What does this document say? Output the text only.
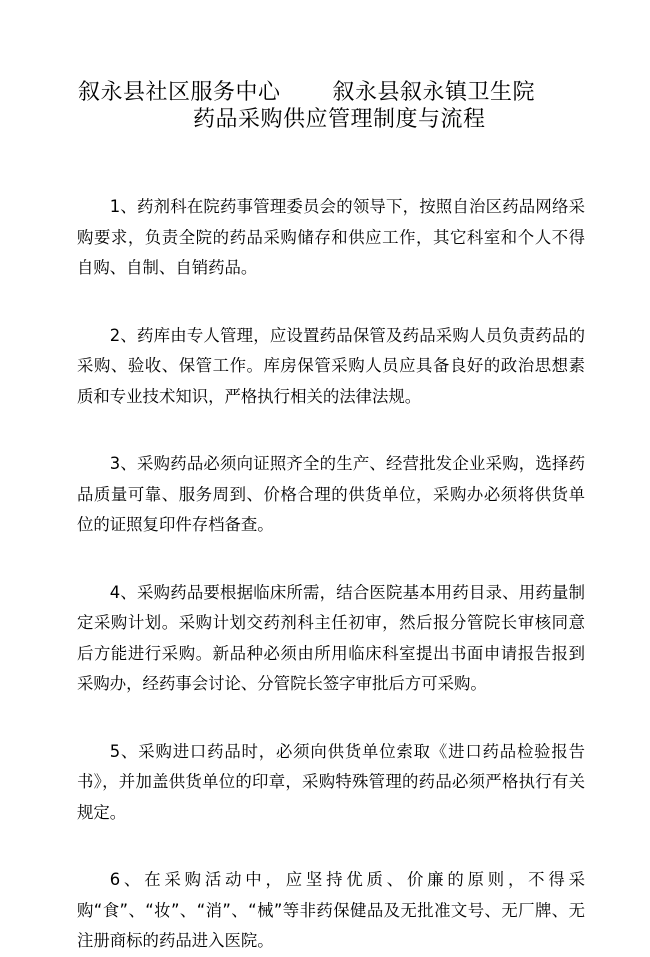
叙永县社区服务中心 叙永县叙永镇卫生院
药品采购供应管理制度与流程

1、药剂科在院药事管理委员会的领导下，按照自治区药品网络采购要求，负责全院的药品采购储存和供应工作，其它科室和个人不得自购、自制、自销药品。

2、药库由专人管理，应设置药品保管及药品采购人员负责药品的采购、验收、保管工作。库房保管采购人员应具备良好的政治思想素质和专业技术知识，严格执行相关的法律法规。

3、采购药品必须向证照齐全的生产、经营批发企业采购，选择药品质量可靠、服务周到、价格合理的供货单位，采购办必须将供货单位的证照复印件存档备查。

4、采购药品要根据临床所需，结合医院基本用药目录、用药量制定采购计划。采购计划交药剂科主任初审，然后报分管院长审核同意后方能进行采购。新品种必须由所用临床科室提出书面申请报告报到采购办，经药事会讨论、分管院长签字审批后方可采购。

5、采购进口药品时，必须向供货单位索取《进口药品检验报告书》，并加盖供货单位的印章，采购特殊管理的药品必须严格执行有关规定。

6、在采购活动中，应坚持优质、价廉的原则，不得采购“食”、“妆”、“消”、“械”等非药保健品及无批准文号、无厂牌、无注册商标的药品进入医院。
